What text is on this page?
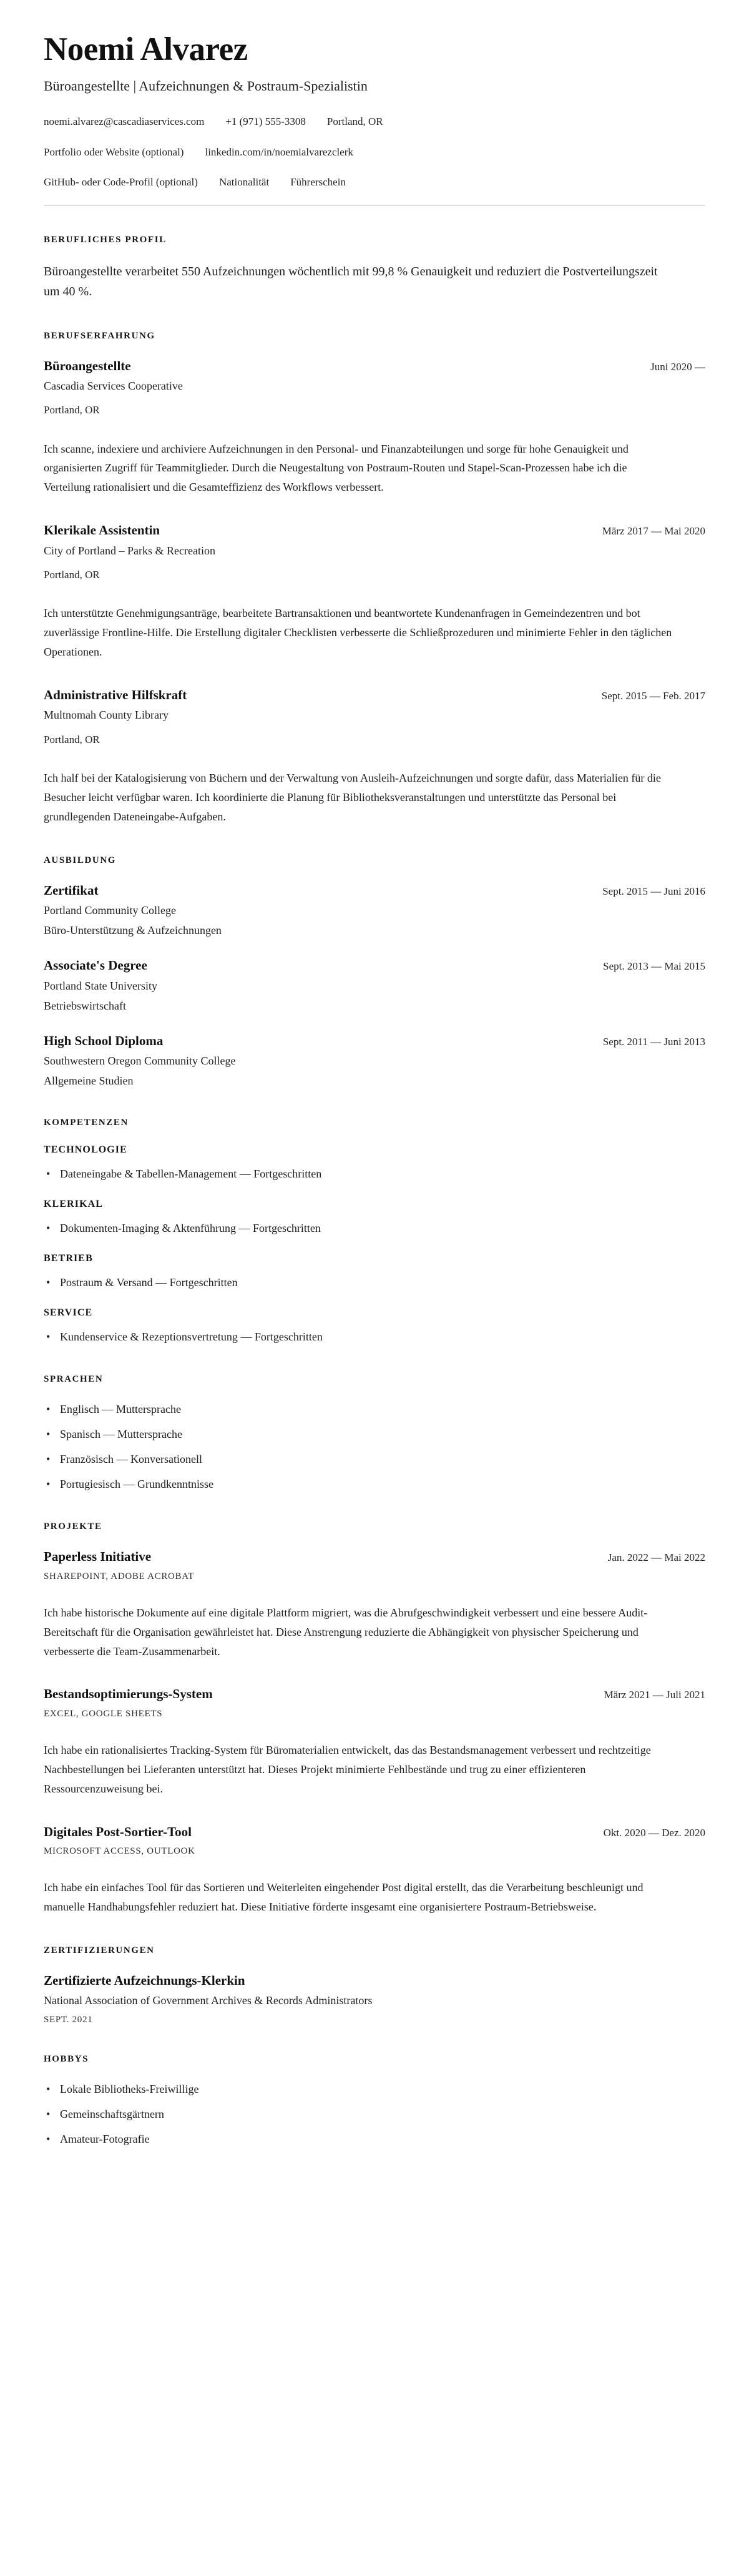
Noemi Alvarez

Büroangestellte | Aufzeichnungen & Postraum-Spezialistin

noemi.alvarez@cascadiaservices.com +1 (971) 555-3308 Portland, OR
Portfolio oder Website (optional) linkedin.com/in/noemialvarezclerk
GitHub- oder Code-Profil (optional) Nationalität Führerschein
BERUFLICHES PROFIL

Büroangestellte verarbeitet 550 Aufzeichnungen wöchentlich mit 99,8 % Genauigkeit und reduziert die Postverteilungszeit um 40 %.

BERUFSERFAHRUNG
Büroangestellte	Juni 2020 —

Cascadia Services Cooperative

Portland, OR

Ich scanne, indexiere und archiviere Aufzeichnungen in den Personal- und Finanzabteilungen und sorge für hohe Genauigkeit und organisierten Zugriff für Teammitglieder. Durch die Neugestaltung von Postraum-Routen und Stapel-Scan-Prozessen habe ich die Verteilung rationalisiert und die Gesamteffizienz des Workflows verbessert.

Klerikale Assistentin	März 2017 — Mai 2020

City of Portland – Parks & Recreation

Portland, OR

Ich unterstützte Genehmigungsanträge, bearbeitete Bartransaktionen und beantwortete Kundenanfragen in Gemeindezentren und bot zuverlässige Frontline-Hilfe. Die Erstellung digitaler Checklisten verbesserte die Schließprozeduren und minimierte Fehler in den täglichen Operationen.

Administrative Hilfskraft	Sept. 2015 — Feb. 2017

Multnomah County Library

Portland, OR

Ich half bei der Katalogisierung von Büchern und der Verwaltung von Ausleih-Aufzeichnungen und sorgte dafür, dass Materialien für die Besucher leicht verfügbar waren. Ich koordinierte die Planung für Bibliotheksveranstaltungen und unterstützte das Personal bei grundlegenden Dateneingabe-Aufgaben.

AUSBILDUNG
Zertifikat	Sept. 2015 — Juni 2016

Portland Community College

Büro-Unterstützung & Aufzeichnungen

Associate's Degree	Sept. 2013 — Mai 2015

Portland State University

Betriebswirtschaft

High School Diploma	Sept. 2011 — Juni 2013

Southwestern Oregon Community College

Allgemeine Studien

KOMPETENZEN
TECHNOLOGIE
• Dateneingabe & Tabellen-Management — Fortgeschritten
KLERIKAL
• Dokumenten-Imaging & Aktenführung — Fortgeschritten
BETRIEB
• Postraum & Versand — Fortgeschritten
SERVICE
• Kundenservice & Rezeptionsvertretung — Fortgeschritten
SPRACHEN
• Englisch — Muttersprache
• Spanisch — Muttersprache
• Französisch — Konversationell
• Portugiesisch — Grundkenntnisse
PROJEKTE
Paperless Initiative	Jan. 2022 — Mai 2022

SHAREPOINT, ADOBE ACROBAT

Ich habe historische Dokumente auf eine digitale Plattform migriert, was die Abrufgeschwindigkeit verbessert und eine bessere Audit-Bereitschaft für die Organisation gewährleistet hat. Diese Anstrengung reduzierte die Abhängigkeit von physischer Speicherung und verbesserte die Team-Zusammenarbeit.

Bestandsoptimierungs-System	März 2021 — Juli 2021

EXCEL, GOOGLE SHEETS

Ich habe ein rationalisiertes Tracking-System für Büromaterialien entwickelt, das das Bestandsmanagement verbessert und rechtzeitige Nachbestellungen bei Lieferanten unterstützt hat. Dieses Projekt minimierte Fehlbestände und trug zu einer effizienteren Ressourcenzuweisung bei.

Digitales Post-Sortier-Tool	Okt. 2020 — Dez. 2020

MICROSOFT ACCESS, OUTLOOK

Ich habe ein einfaches Tool für das Sortieren und Weiterleiten eingehender Post digital erstellt, das die Verarbeitung beschleunigt und manuelle Handhabungsfehler reduziert hat. Diese Initiative förderte insgesamt eine organisiertere Postraum-Betriebsweise.

ZERTIFIZIERUNGEN
Zertifizierte Aufzeichnungs-Klerkin

National Association of Government Archives & Records Administrators

SEPT. 2021

HOBBYS
• Lokale Bibliotheks-Freiwillige
• Gemeinschaftsgärtnern
• Amateur-Fotografie
